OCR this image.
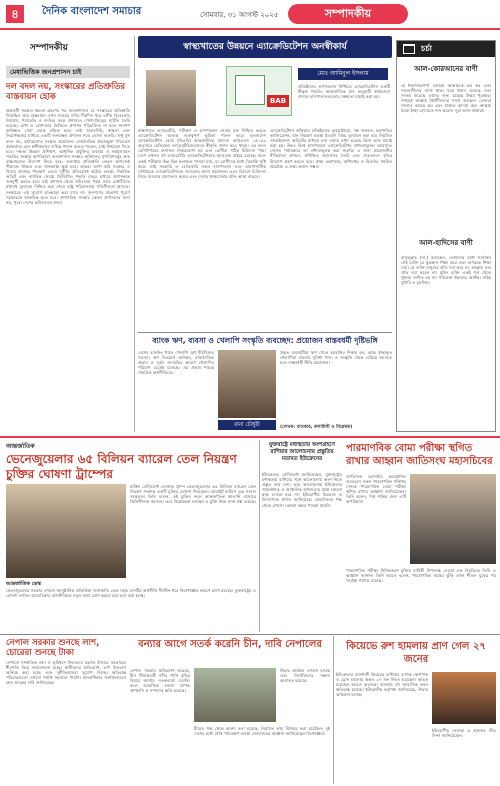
৪	দৈনিক বাংলাদেশ সমাচার	সোমবার, ৩১ আগস্ট ২০২৫	সম্পাদকীয়
সম্পাদকীয়
মেধাভিত্তিক জনপ্রশাসন চাই
দল বদল নয়, সংস্কারের প্রতিশ্রুতির বাস্তবায়ন হোক
অন্তর্বর্তী সরকার ক্ষমতা গ্রহণের পর জনপ্রশাসনে যে সংস্কারের প্রতিশ্রুতি দিয়েছিল তার বাস্তবায়ন এখন সময়ের দাবি। দীর্ঘদিন ধরে দলীয় বিবেচনায় নিয়োগ, পদোন্নতি ও বদলির ফলে প্রশাসনে পেশাদারিত্বের ঘাটতি তৈরি হয়েছে। মেধা ও যোগ্যতার ভিত্তিতে প্রশাসন পরিচালিত না হলে জনগণ কাঙ্ক্ষিত সেবা থেকে বঞ্চিত হবে। তাই জবাবদিহি, স্বচ্ছতা এবং নিরপেক্ষতার মাধ্যমে একটি জনবান্ধব প্রশাসন গড়ে তোলা জরুরি। শুধু মুখ বদল নয়, কাঠামোগত সংস্কার প্রয়োজন। রাজনৈতিক প্রভাবমুক্ত পরিবেশে কর্মকর্তারা যেন স্বাধীনভাবে দায়িত্ব পালন করতে পারেন, সেই নিশ্চয়তা দিতে হবে। দক্ষতা উন্নয়ন প্রশিক্ষণ, আধুনিক প্রযুক্তির ব্যবহার ও কর্মমূল্যায়ন পদ্ধতির সংস্কার অপরিহার্য। জনপ্রশাসন সংস্কার কমিশনের সুপারিশসমূহ দ্রুত বাস্তবায়নের উদ্যোগ নিতে হবে। অন্যথায় প্রতিশ্রুতি কেবল কাগজেই সীমাবদ্ধ থাকবে এবং জনআস্থা ক্ষুণ্ণ হবে। আমরা আশা করি সরকার এ বিষয়ে কার্যকর পদক্ষেপ নেবে। দুর্নীতি প্রতিরোধে কঠোর ব্যবস্থা, নিয়মিত অডিট এবং নাগরিক সেবায় ডিজিটাল পদ্ধতি চালুর মাধ্যমে প্রশাসনকে জনমুখী করতে হবে। মাঠ প্রশাসন থেকে সচিবালয় পর্যন্ত সর্বত্র মেধাবীদের যথাযথ মূল্যায়ন নিশ্চিত করা গেলে রাষ্ট্র পরিচালনায় গতিশীলতা আসবে। সংস্কারের এই সুযোগ হাতছাড়া করা যাবে না। জনগণের প্রত্যাশা পূরণে সরকারকে আন্তরিক হতে হবে। প্রশাসনিক সংস্কার কেবল প্রশাসনের জন্য নয়, পুরো দেশের ভবিষ্যতের জন্য।
স্বাস্থ্যখাতের উন্নয়নে এ্যাক্রেডিটেশন অনস্বীকার্য
BAB
মোঃ আমিনুল ইসলাম
প্রতিষ্ঠানের গুণগতমান নিশ্চিতে এ্যাক্রেডিটেশন একটি স্বীকৃত পদ্ধতি। আন্তর্জাতিক মান অনুযায়ী স্বাস্থ্যসেবা প্রদানে হাসপাতালগুলোর সক্ষমতা যাচাই করা হয়।
স্বাস্থ্যখাতে ল্যাবরেটরি, পরীক্ষণ ও হাসপাতাল সেবার মান নিশ্চিত করতে এ্যাক্রেডিটেশন অত্যন্ত গুরুত্বপূর্ণ ভূমিকা পালন করে। বাংলাদেশ এ্যাক্রেডিটেশন বোর্ড (বিএবি) আন্তর্জাতিক মানদণ্ড আইএসও ১৫১৮৯ অনুসারে মেডিকেল ল্যাবরেটরিগুলোকে স্বীকৃতি প্রদান করে থাকে। এর ফলে রোগনির্ণয়ের ফলাফল নির্ভরযোগ্য হয় এবং রোগীরা সঠিক চিকিৎসা পায়। দেশে এখনও বহু ল্যাবরেটরি এ্যাক্রেডিটেশনের আওতার বাইরে রয়েছে। ফলে একই পরীক্ষার ভিন্ন ভিন্ন ফলাফল পাওয়া যায়, যা রোগীদের মধ্যে বিভ্রান্তি সৃষ্টি করে। তাই সরকারি ও বেসরকারি সকল হাসপাতাল এবং ডায়াগনস্টিক সেন্টারকে এ্যাক্রেডিটেশনের আওতায় আনা প্রয়োজন। এতে বিদেশে চিকিৎসা নিতে যাওয়ার প্রবণতাও কমবে এবং দেশের স্বাস্থ্যসেবার প্রতি আস্থা বাড়বে।
এ্যাক্রেডিটেশন প্রক্রিয়ায় প্রতিষ্ঠানের অবকাঠামো, দক্ষ জনবল, যন্ত্রপাতির ক্যালিব্রেশন, মান নিয়ন্ত্রণ ব্যবস্থা ইত্যাদি বিষয় মূল্যায়ন করা হয়। নিয়মিত সার্ভেইল্যান্স অডিটের মাধ্যমে মান বজায় রাখা হয়েছে কিনা তাও যাচাই করা হয়। উন্নত বিশ্বে হাসপাতাল এ্যাক্রেডিটেশন বাধ্যতামূলক। আমাদের দেশেও পর্যায়ক্রমে তা বাধ্যতামূলক করা জরুরি। এ জন্য প্রয়োজনীয় নীতিমালা প্রণয়ন, প্রশিক্ষিত অ্যাসেসর তৈরি এবং সচেতনতা বৃদ্ধির উদ্যোগ গ্রহণ করতে হবে। স্বাস্থ্য মন্ত্রণালয়, অধিদপ্তর ও বিএবির সমন্বিত প্রচেষ্টায় এ লক্ষ্য অর্জন সম্ভব।
চর্চা
আল-কোরআনের বাণী
হে ঈমানদারগণ! তোমরা আল্লাহকে ভয় কর এবং সত্যবাদীদের সাথে থাক। যারা ঈমান এনেছে এবং সৎকর্ম করেছে তাদের জন্য রয়েছে উত্তম পুরস্কার। নিশ্চয়ই আল্লাহ ধৈর্যশীলদের সাথে আছেন। তোমরা সালাত কায়েম কর এবং যাকাত আদায় কর। আল্লাহ যাকে ইচ্ছা হেদায়েত দান করেন। সুরা আল-বাকারা।
আল-হাদিসের বাণী
রাসুলুল্লাহ (সা.) বলেছেন, তোমাদের মধ্যে সর্বোত্তম সেই ব্যক্তি যে কুরআন শিক্ষা করে এবং অপরকে শিক্ষা দেয়। যে ব্যক্তি মানুষের প্রতি দয়া করে না, আল্লাহ তার প্রতি দয়া করেন না। মুমিন ব্যক্তি একই গর্ত থেকে দুইবার দংশিত হয় না। পবিত্রতা ঈমানের অর্ধেক। সহিহ বুখারি ও মুসলিম।
ব্যাংক ঋণ, ব্যবসা ও খেলাপি সংস্কৃতি ব্যবচ্ছেদ: প্রয়োজন বাস্তবধর্মী দৃষ্টিভঙ্গি
দেশের ব্যাংকিং খাতে খেলাপি ঋণ দীর্ঘদিনের সমস্যা। ঋণ বিতরণে অনিয়ম, রাজনৈতিক প্রভাব ও দুর্বল তদারকির কারণে খেলাপির পরিমাণ বেড়েই চলেছে। এর প্রভাব পড়ছে সামগ্রিক অর্থনীতিতে।
রানা চৌধুরী
প্রকৃত ব্যবসায়ীরা ঋণ পেতে হয়রানির শিকার হন, অথচ ইচ্ছাকৃত খেলাপিরা বারবার সুবিধা পান। এ সংস্কৃতি থেকে বেরিয়ে আসতে হলে বাস্তবধর্মী নীতি প্রয়োজন।
(লেখক: ব্যাংকার, কলামিস্ট ও বিশ্লেষক)
আন্তর্জাতিক
ভেনেজুয়েলার ৬৫ বিলিয়ন ব্যারেল তেল নিয়ন্ত্রণ চুক্তির ঘোষণা ট্রাম্পের
আন্তর্জাতিক ডেস্ক
মার্কিন প্রেসিডেন্ট ডোনাল্ড ট্রাম্প ভেনেজুয়েলার ৬৫ বিলিয়ন ব্যারেল তেল নিয়ন্ত্রণ সংক্রান্ত একটি চুক্তির ঘোষণা দিয়েছেন। হোয়াইট হাউসে এক সংবাদ সম্মেলনে তিনি বলেন, এই চুক্তির ফলে আন্তর্জাতিক জ্বালানি বাজারে স্থিতিশীলতা আসবে। তবে বিশ্লেষকরা বলছেন এ চুক্তি নিয়ে নানা প্রশ্ন রয়েছে।
ভেনেজুয়েলার সরকার এখনো আনুষ্ঠানিক প্রতিক্রিয়া জানায়নি। তেল সমৃদ্ধ দেশটির অর্থনীতি দীর্ঘদিন ধরে নিষেধাজ্ঞার কারণে চাপে রয়েছে। যুক্তরাষ্ট্রের এ ঘোষণা লাতিন আমেরিকার রাজনীতিতে নতুন মাত্রা যোগ করবে বলে মনে করা হচ্ছে।
যুক্তরাষ্ট্রে মধ্যস্থতায় অংশগ্রহণে রাশিয়ার আলোচনায় প্রস্তুতির মতামত ইউক্রেনের
ইউক্রেনের প্রেসিডেন্ট জানিয়েছেন, যুক্তরাষ্ট্রের মধ্যস্থতায় রাশিয়ার সঙ্গে আলোচনায় অংশ নিতে প্রস্তুত তার দেশ। তবে আলোচনায় ইউক্রেনের সার্বভৌমত্ব ও আঞ্চলিক অখণ্ডতার প্রশ্নে কোনো ছাড় দেওয়া হবে না। ইউরোপীয় মিত্ররাও এ উদ্যোগকে স্বাগত জানিয়েছে। ক্রেমলিনের পক্ষ থেকে এখনো কোনো মন্তব্য পাওয়া যায়নি।
পারমাণবিক বোমা পরীক্ষা স্থগিত রাখার আহ্বান জাতিসংঘ মহাসচিবের
জাতিসংঘ মহাসচিব আন্তোনিও গুতেরেস সকল পারমাণবিক শক্তিধর দেশকে পারমাণবিক বোমা পরীক্ষা স্থগিত রাখার আহ্বান জানিয়েছেন। তিনি বলেন, বিশ্ব শান্তির জন্য এটি অপরিহার্য।
পারমাণবিক পরীক্ষা নিষিদ্ধকরণ চুক্তির বার্ষিকী উপলক্ষে দেওয়া এক বিবৃতিতে তিনি এ আহ্বান জানান। তিনি আরও বলেন, পারমাণবিক অস্ত্রের ঝুঁকি এখন শীতল যুদ্ধের পর সর্বোচ্চ পর্যায়ে রয়েছে।
নেপাল সরকার শুনছে লাশ, চোরেরা শুনছে টাকা
নেপালে সাম্প্রতিক বন্যা ও ভূমিধসে নিহতদের মরদেহ উদ্ধারে সরকারের ধীরগতি নিয়ে সমালোচনা হচ্ছে। স্থানীয়দের অভিযোগ, ত্রাণ বিতরণে অনিয়ম করা হচ্ছে এবং দুর্নীতিবাজরা সুযোগ নিচ্ছে। ক্ষতিগ্রস্ত পরিবারগুলো এখনো পর্যাপ্ত সহায়তা পায়নি। মানবাধিকার সংগঠনগুলো দ্রুত তদন্তের দাবি জানিয়েছে।
বন্যার আগে সতর্ক করেনি চীন, দাবি নেপালের
নেপাল সরকার অভিযোগ করেছে, চীন সীমান্তবর্তী নদীর পানি বৃদ্ধির বিষয়ে আগাম সতর্কবার্তা দেয়নি। ফলে আকস্মিক বন্যায় ব্যাপক প্রাণহানি ও সম্পদের ক্ষতি হয়েছে।
চীনের পক্ষ থেকে অবশ্য বলা হয়েছে, নিয়মিত তথ্য বিনিময় করা হয়েছিল। দুই দেশের মধ্যে যৌথ পর্যবেক্ষণ ব্যবস্থা জোরদারের আহ্বান জানিয়েছেন বিশেষজ্ঞরা।
উদ্ধার কার্যক্রম এখনো চলছে এবং নিখোঁজদের সন্ধান অব্যাহত রয়েছে।
কিয়েভে রুশ হামলায় প্রাণ গেল ২৭ জনের
ইউক্রেনের রাজধানী কিয়েভে রাশিয়ার ব্যাপক ক্ষেপণাস্ত্র ও ড্রোন হামলায় অন্তত ২৭ জন নিহত হয়েছেন। আহত হয়েছেন আরও অনেকে। হামলায় বহু আবাসিক ভবন ক্ষতিগ্রস্ত হয়েছে। ইউক্রেনীয় কর্তৃপক্ষ জানিয়েছে, উদ্ধার অভিযান চলছে।
ইউরোপীয় নেতারা এ হামলার তীব্র নিন্দা জানিয়েছেন।
